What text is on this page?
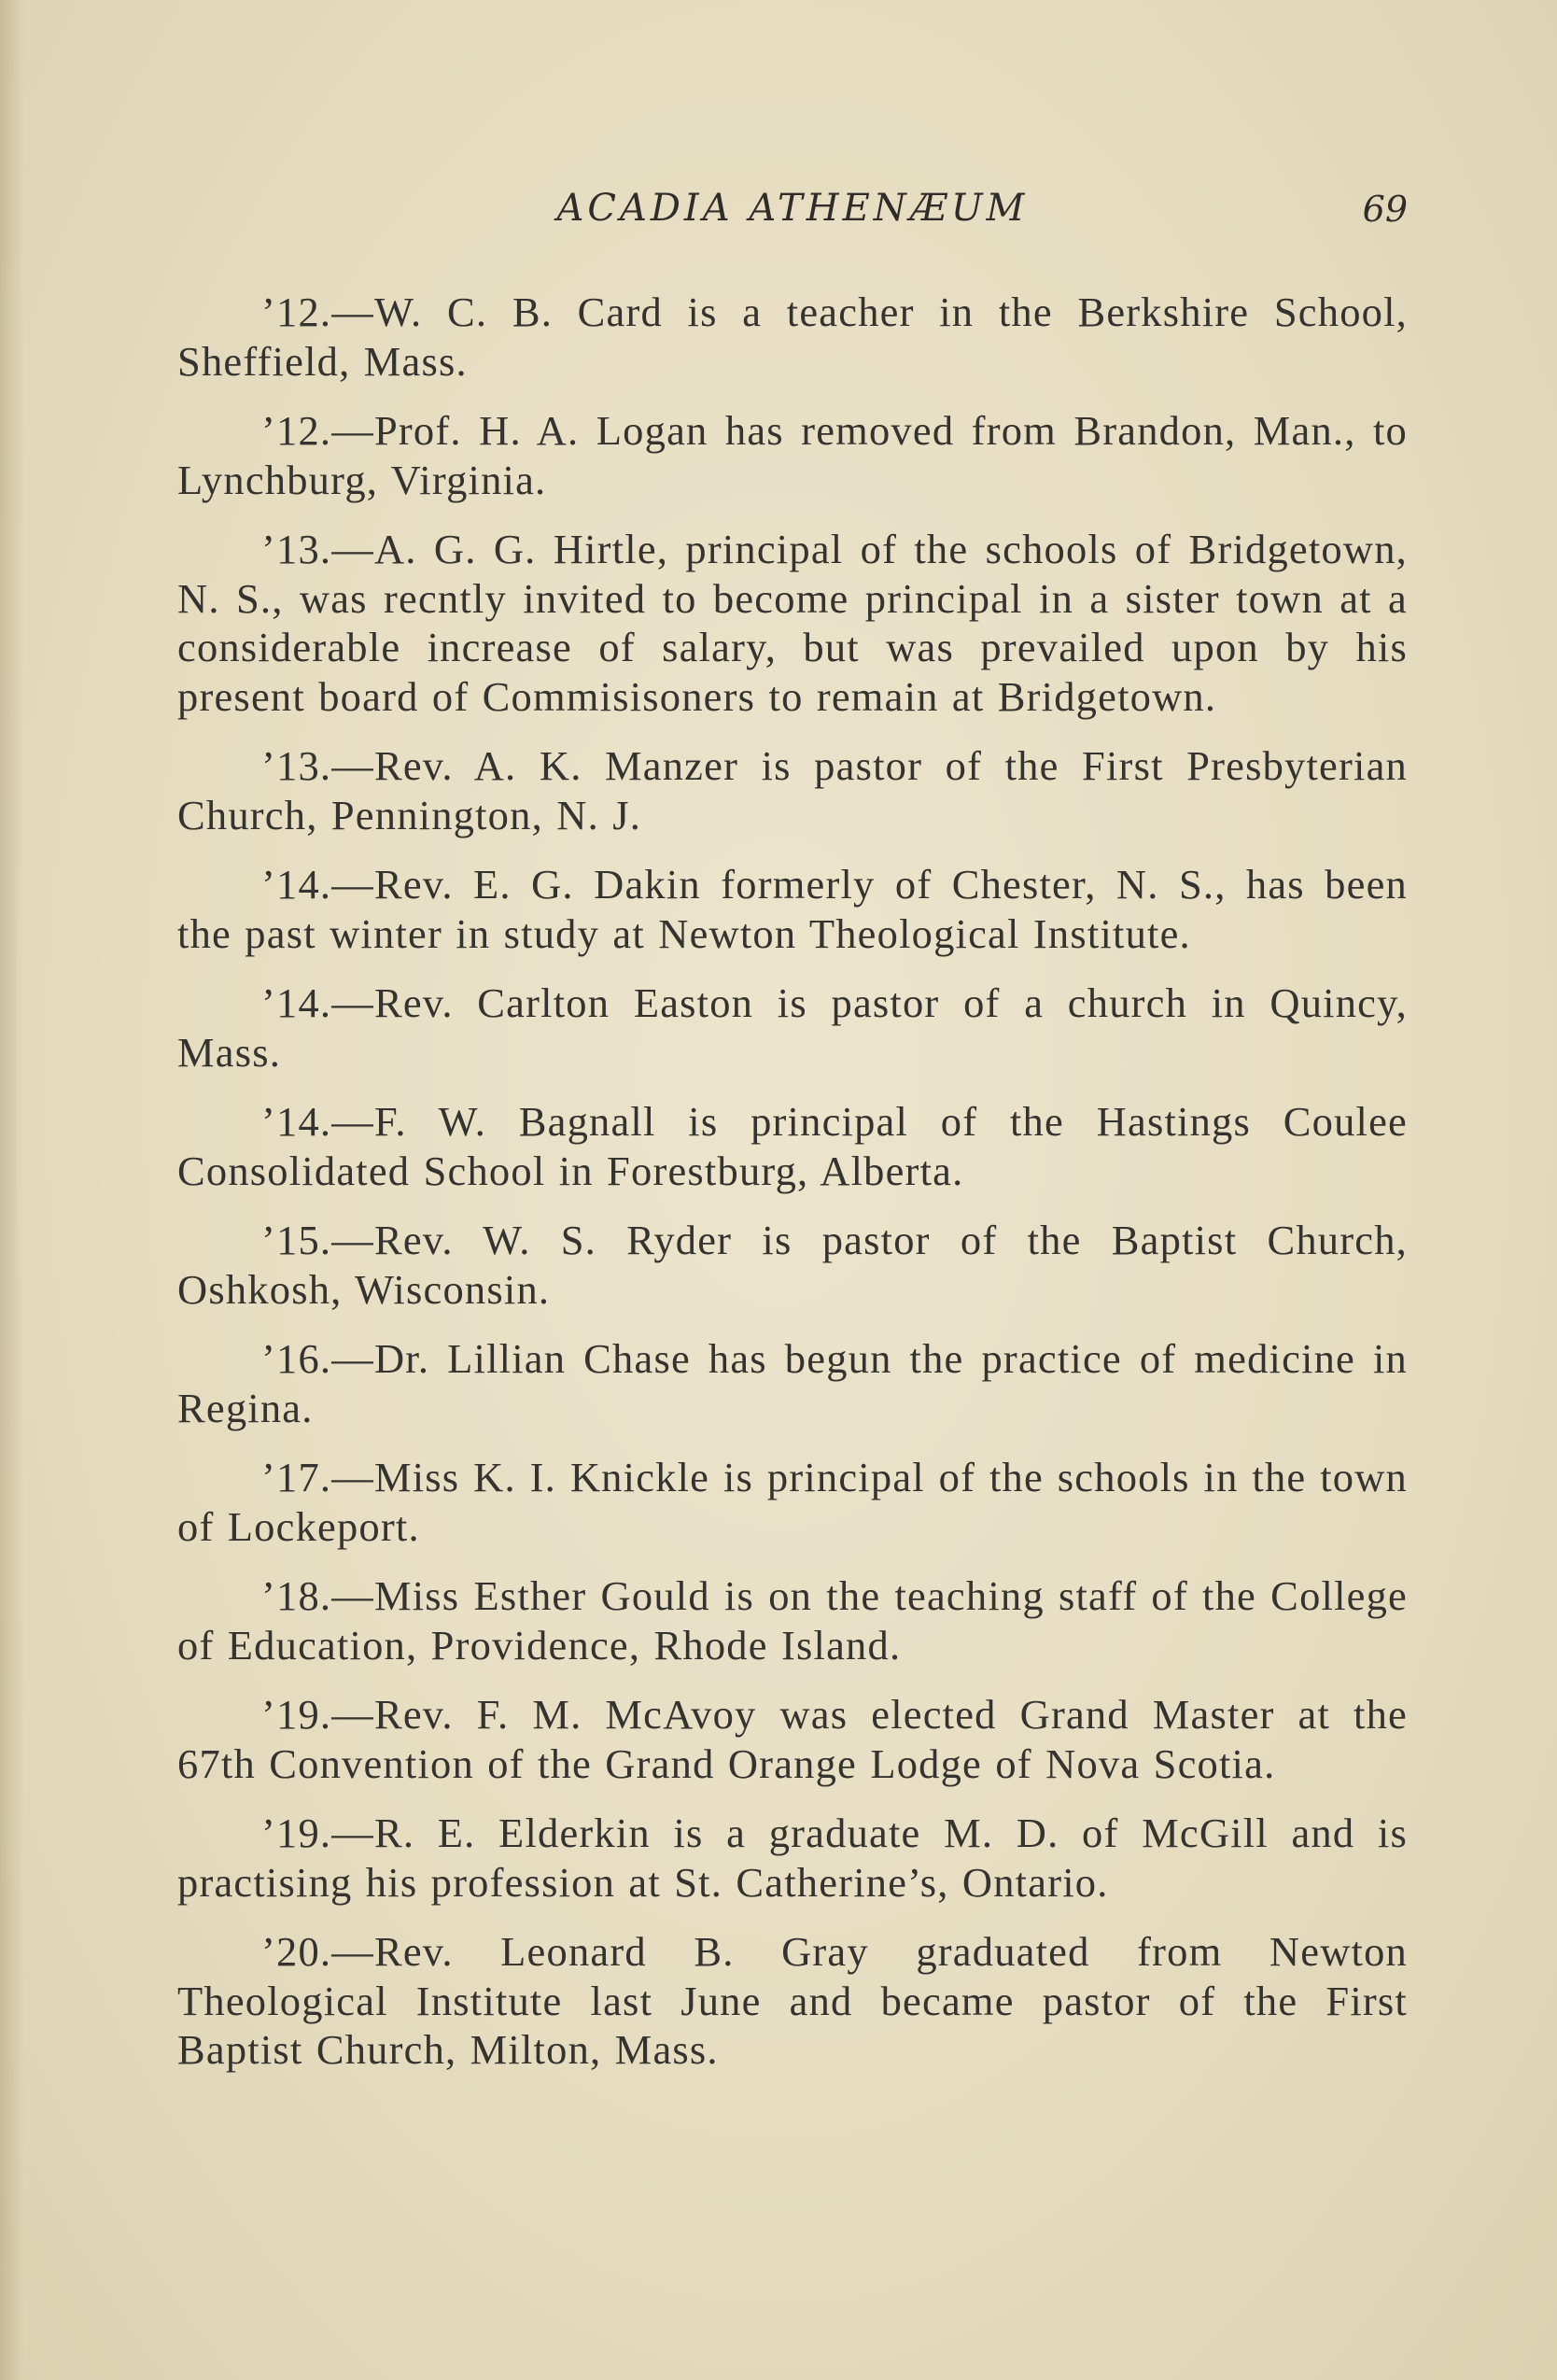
ACADIA ATHENÆUM	69

’12.—W. C. B. Card is a teacher in the Berkshire School, Sheffield, Mass.

’12.—Prof. H. A. Logan has removed from Brandon, Man., to Lynchburg, Virginia.

’13.—A. G. G. Hirtle, principal of the schools of Bridgetown, N. S., was recntly invited to become principal in a sister town at a considerable increase of salary, but was prevailed upon by his present board of Commisisoners to remain at Bridgetown.

’13.—Rev. A. K. Manzer is pastor of the First Presbyterian Church, Pennington, N. J.

’14.—Rev. E. G. Dakin formerly of Chester, N. S., has been the past winter in study at Newton Theological Institute.

’14.—Rev. Carlton Easton is pastor of a church in Quincy, Mass.

’14.—F. W. Bagnall is principal of the Hastings Coulee Consolidated School in Forestburg, Alberta.

’15.—Rev. W. S. Ryder is pastor of the Baptist Church, Oshkosh, Wisconsin.

’16.—Dr. Lillian Chase has begun the practice of medicine in Regina.

’17.—Miss K. I. Knickle is principal of the schools in the town of Lockeport.

’18.—Miss Esther Gould is on the teaching staff of the College of Education, Providence, Rhode Island.

’19.—Rev. F. M. McAvoy was elected Grand Master at the 67th Convention of the Grand Orange Lodge of Nova Scotia.

’19.—R. E. Elderkin is a graduate M. D. of McGill and is practising his profession at St. Catherine’s, Ontario.

’20.—Rev. Leonard B. Gray graduated from Newton Theological Institute last June and became pastor of the First Baptist Church, Milton, Mass.
